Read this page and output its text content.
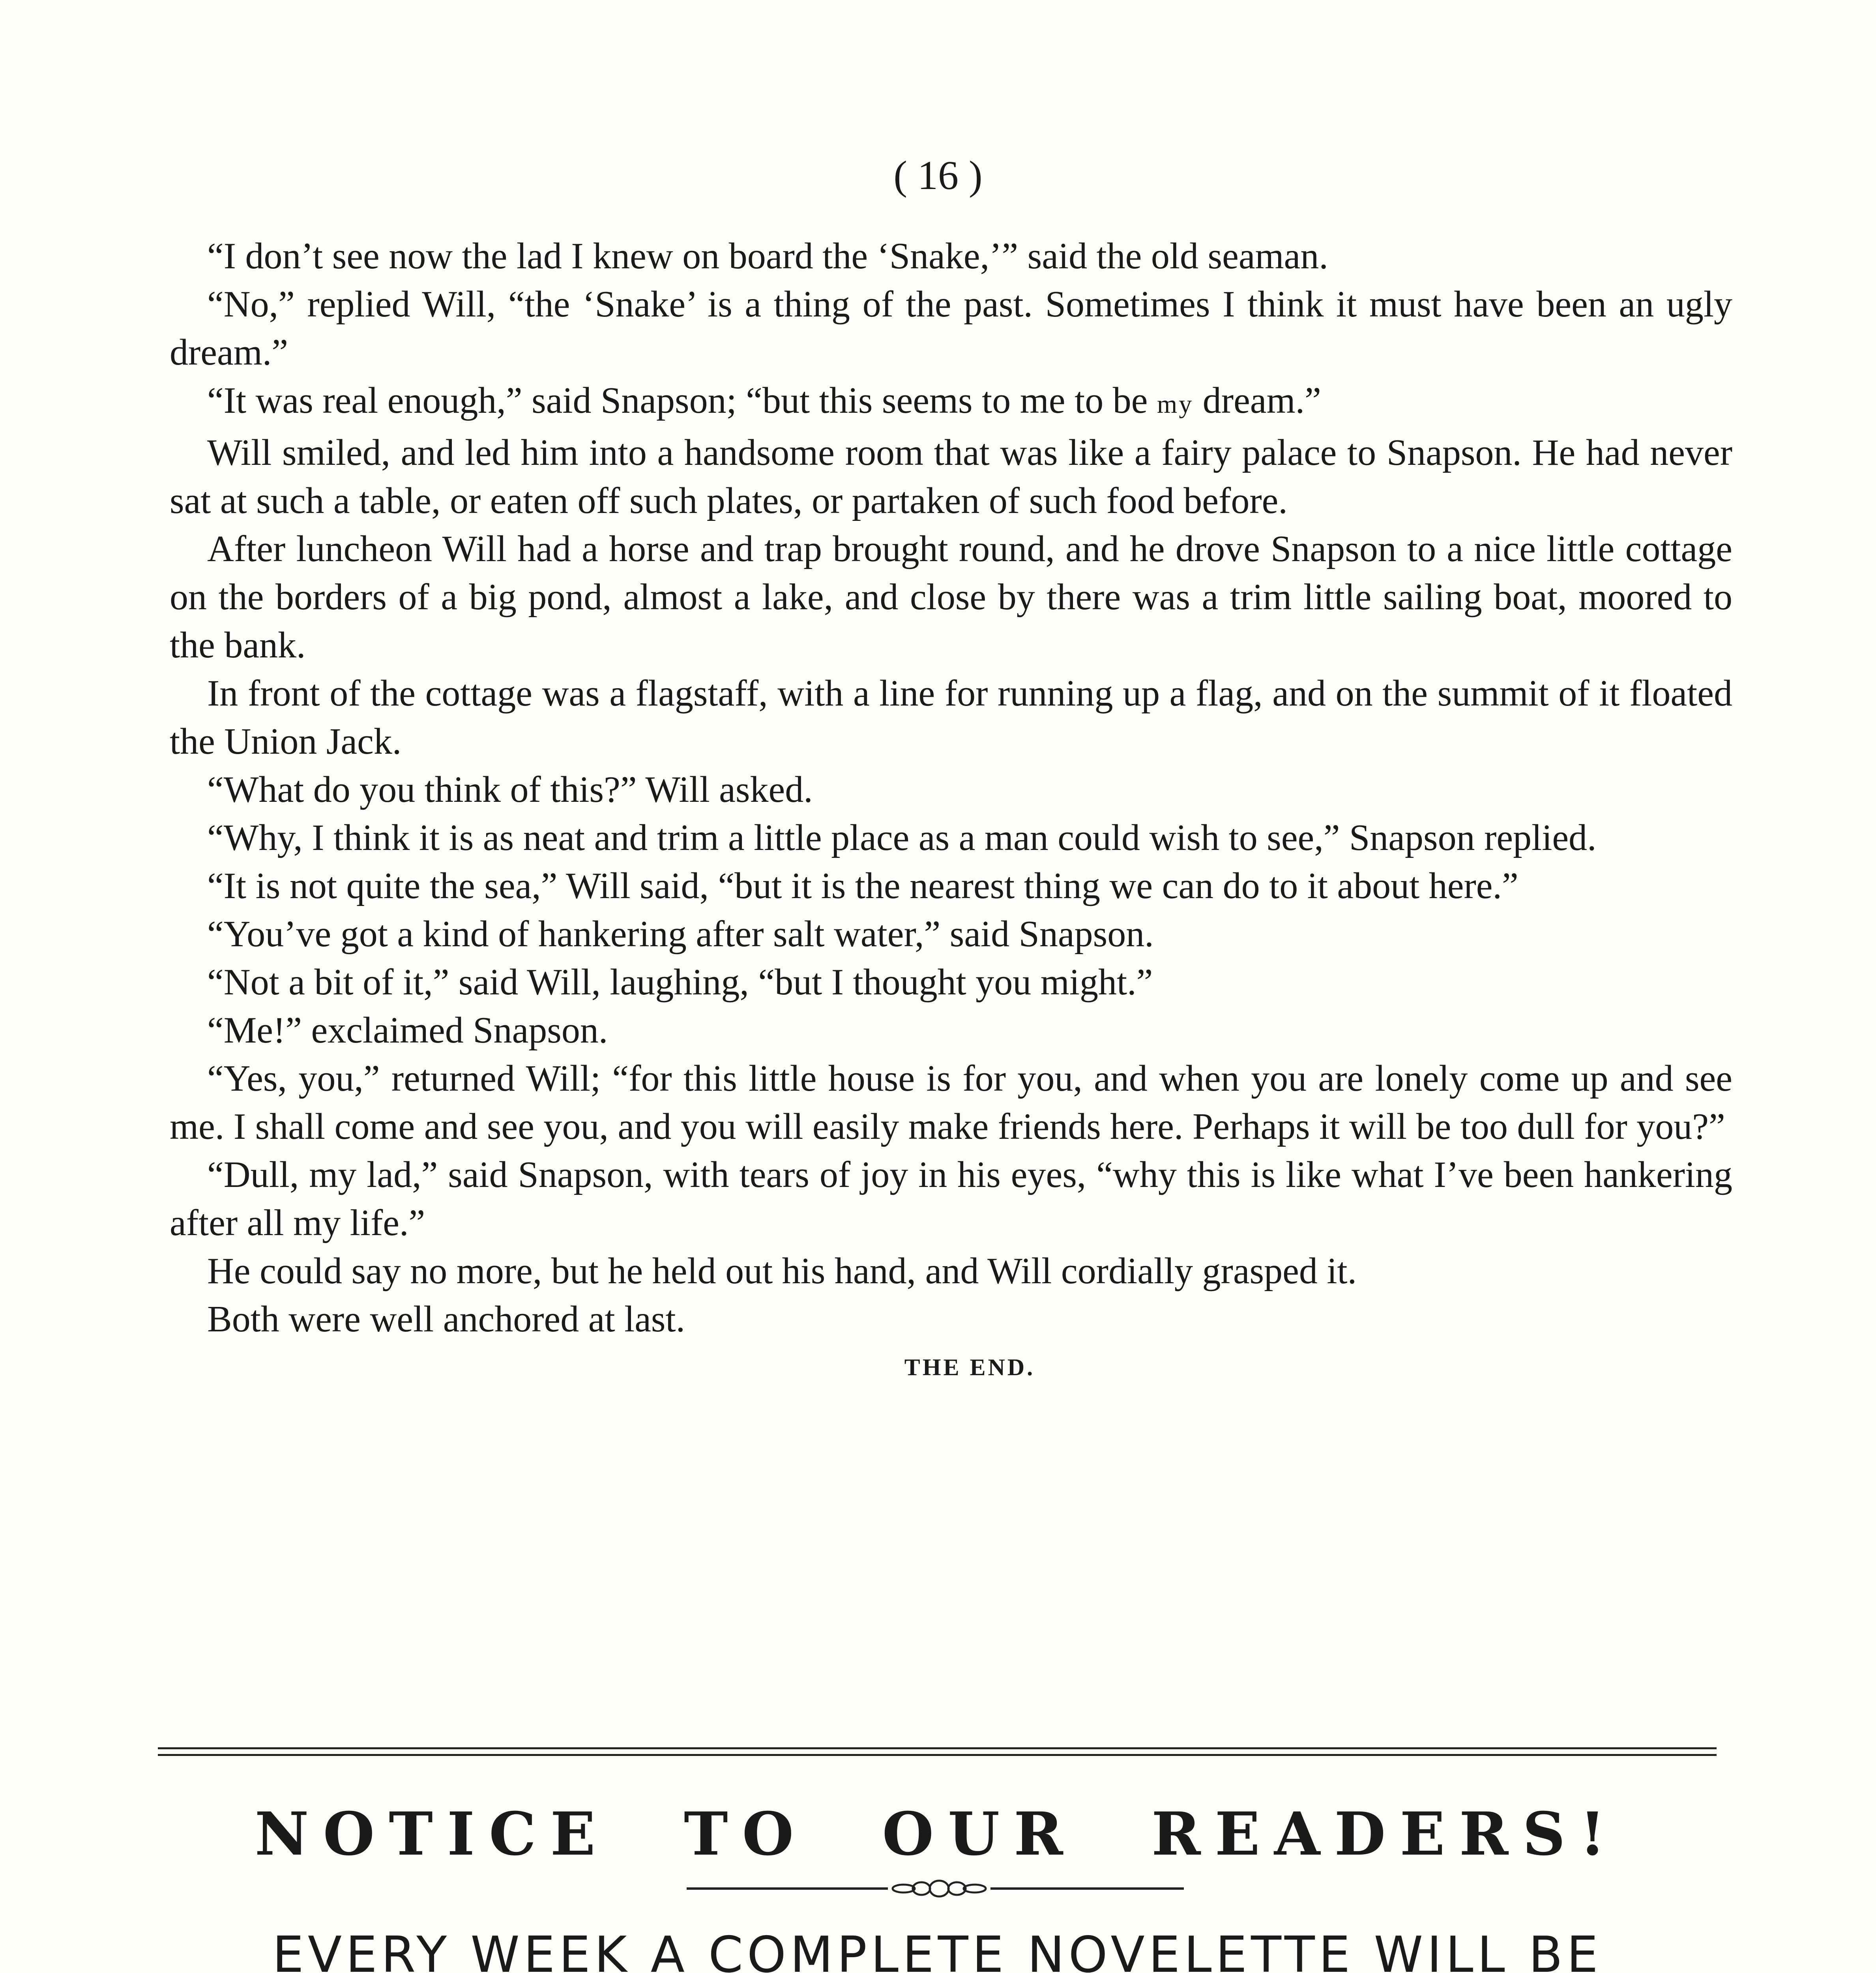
( 16 )

“I don’t see now the lad I knew on board the ‘Snake,’” said the old seaman.

“No,” replied Will, “the ‘Snake’ is a thing of the past. Sometimes I think it must have been an ugly dream.”

“It was real enough,” said Snapson; “but this seems to me to be my dream.”

Will smiled, and led him into a handsome room that was like a fairy palace to Snapson. He had never sat at such a table, or eaten off such plates, or partaken of such food before.

After luncheon Will had a horse and trap brought round, and he drove Snapson to a nice little cottage on the borders of a big pond, almost a lake, and close by there was a trim little sailing boat, moored to the bank.

In front of the cottage was a flagstaff, with a line for running up a flag, and on the summit of it floated the Union Jack.

“What do you think of this?” Will asked.

“Why, I think it is as neat and trim a little place as a man could wish to see,” Snapson replied.

“It is not quite the sea,” Will said, “but it is the nearest thing we can do to it about here.”

“You’ve got a kind of hankering after salt water,” said Snapson.

“Not a bit of it,” said Will, laughing, “but I thought you might.”

“Me!” exclaimed Snapson.

“Yes, you,” returned Will; “for this little house is for you, and when you are lonely come up and see me. I shall come and see you, and you will easily make friends here. Perhaps it will be too dull for you?”

“Dull, my lad,” said Snapson, with tears of joy in his eyes, “why this is like what I’ve been hankering after all my life.”

He could say no more, but he held out his hand, and Will cordially grasped it.

Both were well anchored at last.

THE END.

NOTICE TO OUR READERS!
EVERY WEEK A COMPLETE NOVELETTE WILL BE
